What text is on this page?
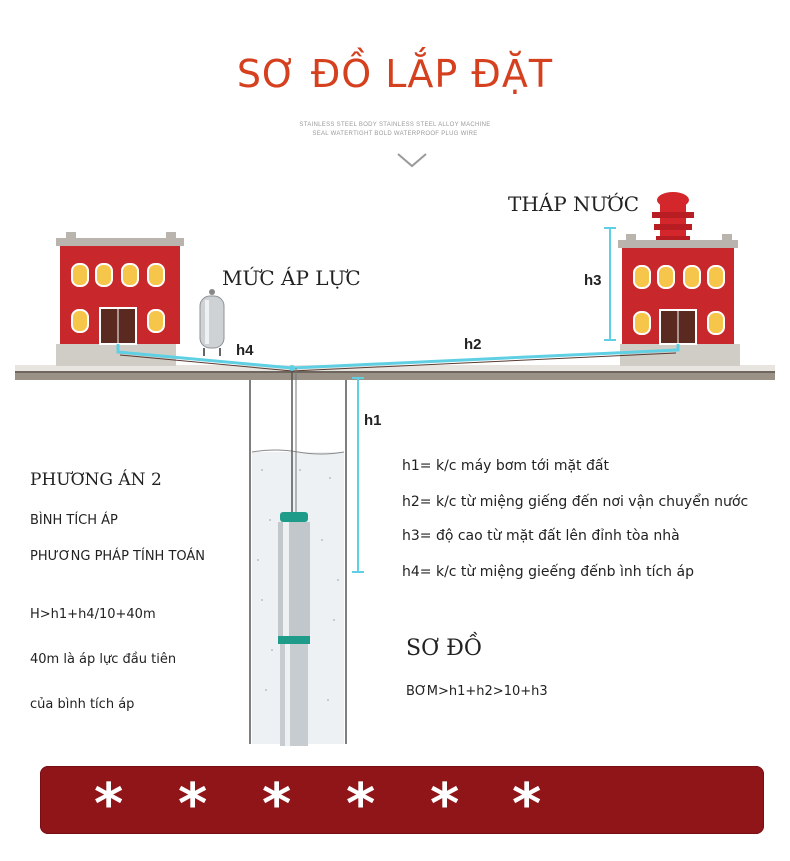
SƠ ĐỒ LẮP ĐẶT
STAINLESS STEEL BODY STAINLESS STEEL ALLOY MACHINE
SEAL WATERTIGHT BOLD WATERPROOF PLUG WIRE
THÁP NƯỚC
MỨC ÁP LỰC	h3
h4	h2
h1
h1= k/c máy bơm tới mặt đất
h2= k/c từ miệng giếng đến nơi vận chuyển nước
h3= độ cao từ mặt đất lên đỉnh tòa nhà
h4= k/c từ miệng gieếng đếnb ình tích áp
PHƯƠNG ÁN 2
BÌNH TÍCH ÁP
PHƯƠNG PHÁP TÍNH TOÁN
H>h1+h4/10+40m
40m là áp lực đầu tiên
của bình tích áp
SƠ ĐỒ
BƠM>h1+h2>10+h3
* * * * * *
